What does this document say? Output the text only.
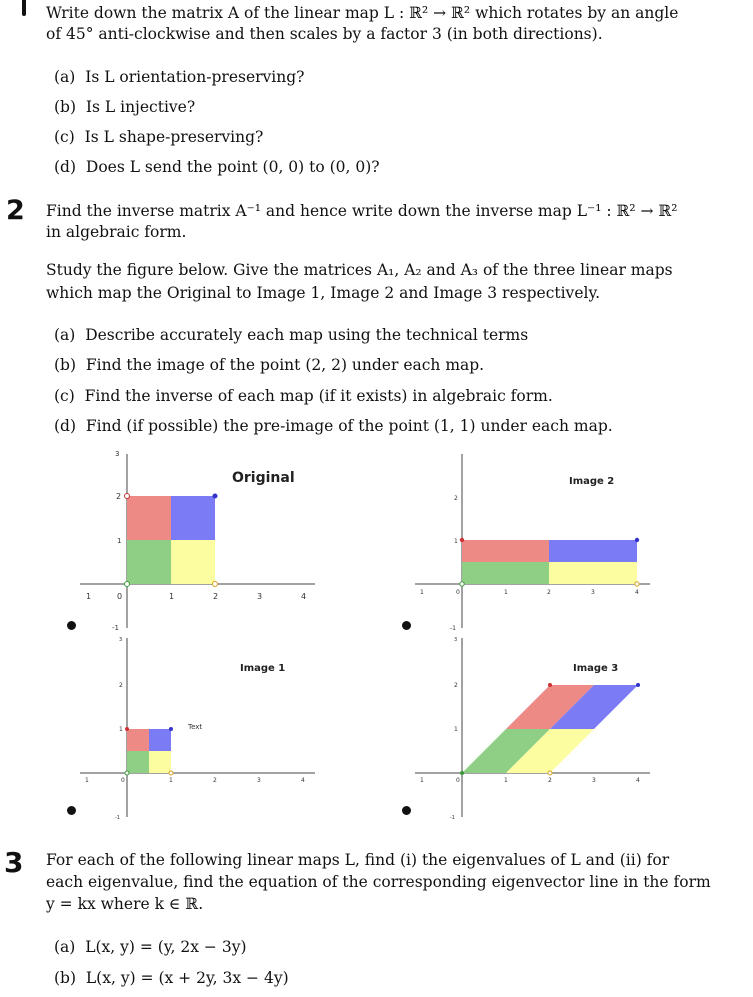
2
3
Write down the matrix A of the linear map L : ℝ² → ℝ² which rotates by an angle
of 45° anti-clockwise and then scales by a factor 3 (in both directions).
(a) Is L orientation-preserving?
(b) Is L injective?
(c) Is L shape-preserving?
(d) Does L send the point (0, 0) to (0, 0)?
Find the inverse matrix A⁻¹ and hence write down the inverse map L⁻¹ : ℝ² → ℝ²
in algebraic form.
Study the figure below. Give the matrices A₁, A₂ and A₃ of the three linear maps
which map the Original to Image 1, Image 2 and Image 3 respectively.
(a) Describe accurately each map using the technical terms
(b) Find the image of the point (2, 2) under each map.
(c) Find the inverse of each map (if it exists) in algebraic form.
(d) Find (if possible) the pre-image of the point (1, 1) under each map.
1	0	1	2	3	4
3
2
1
-1
Original
1	0	1	2	3	4
2
1
-1
Image 2
1	0	1	2	3	4
3
2
1
-1
Text
Image 1
1	0	1	2	3	4
3
2
1
-1
Image 3
For each of the following linear maps L, find (i) the eigenvalues of L and (ii) for
each eigenvalue, find the equation of the corresponding eigenvector line in the form
y = kx where k ∈ ℝ.
(a) L(x, y) = (y, 2x − 3y)
(b) L(x, y) = (x + 2y, 3x − 4y)
